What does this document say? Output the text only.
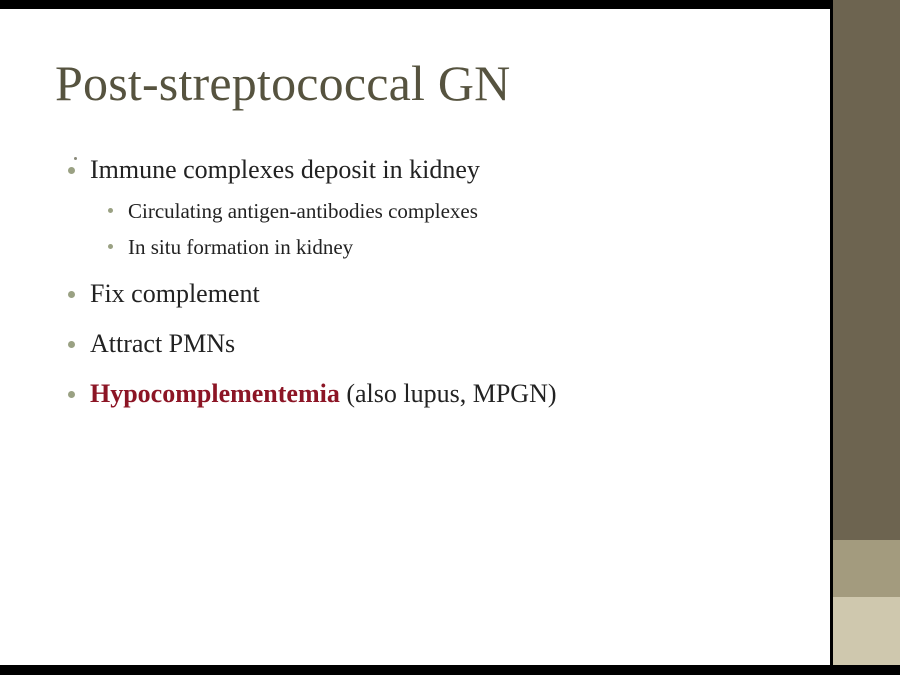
Post-streptococcal GN
Immune complexes deposit in kidney
Circulating antigen-antibodies complexes
In situ formation in kidney
Fix complement
Attract PMNs
Hypocomplementemia (also lupus, MPGN)
